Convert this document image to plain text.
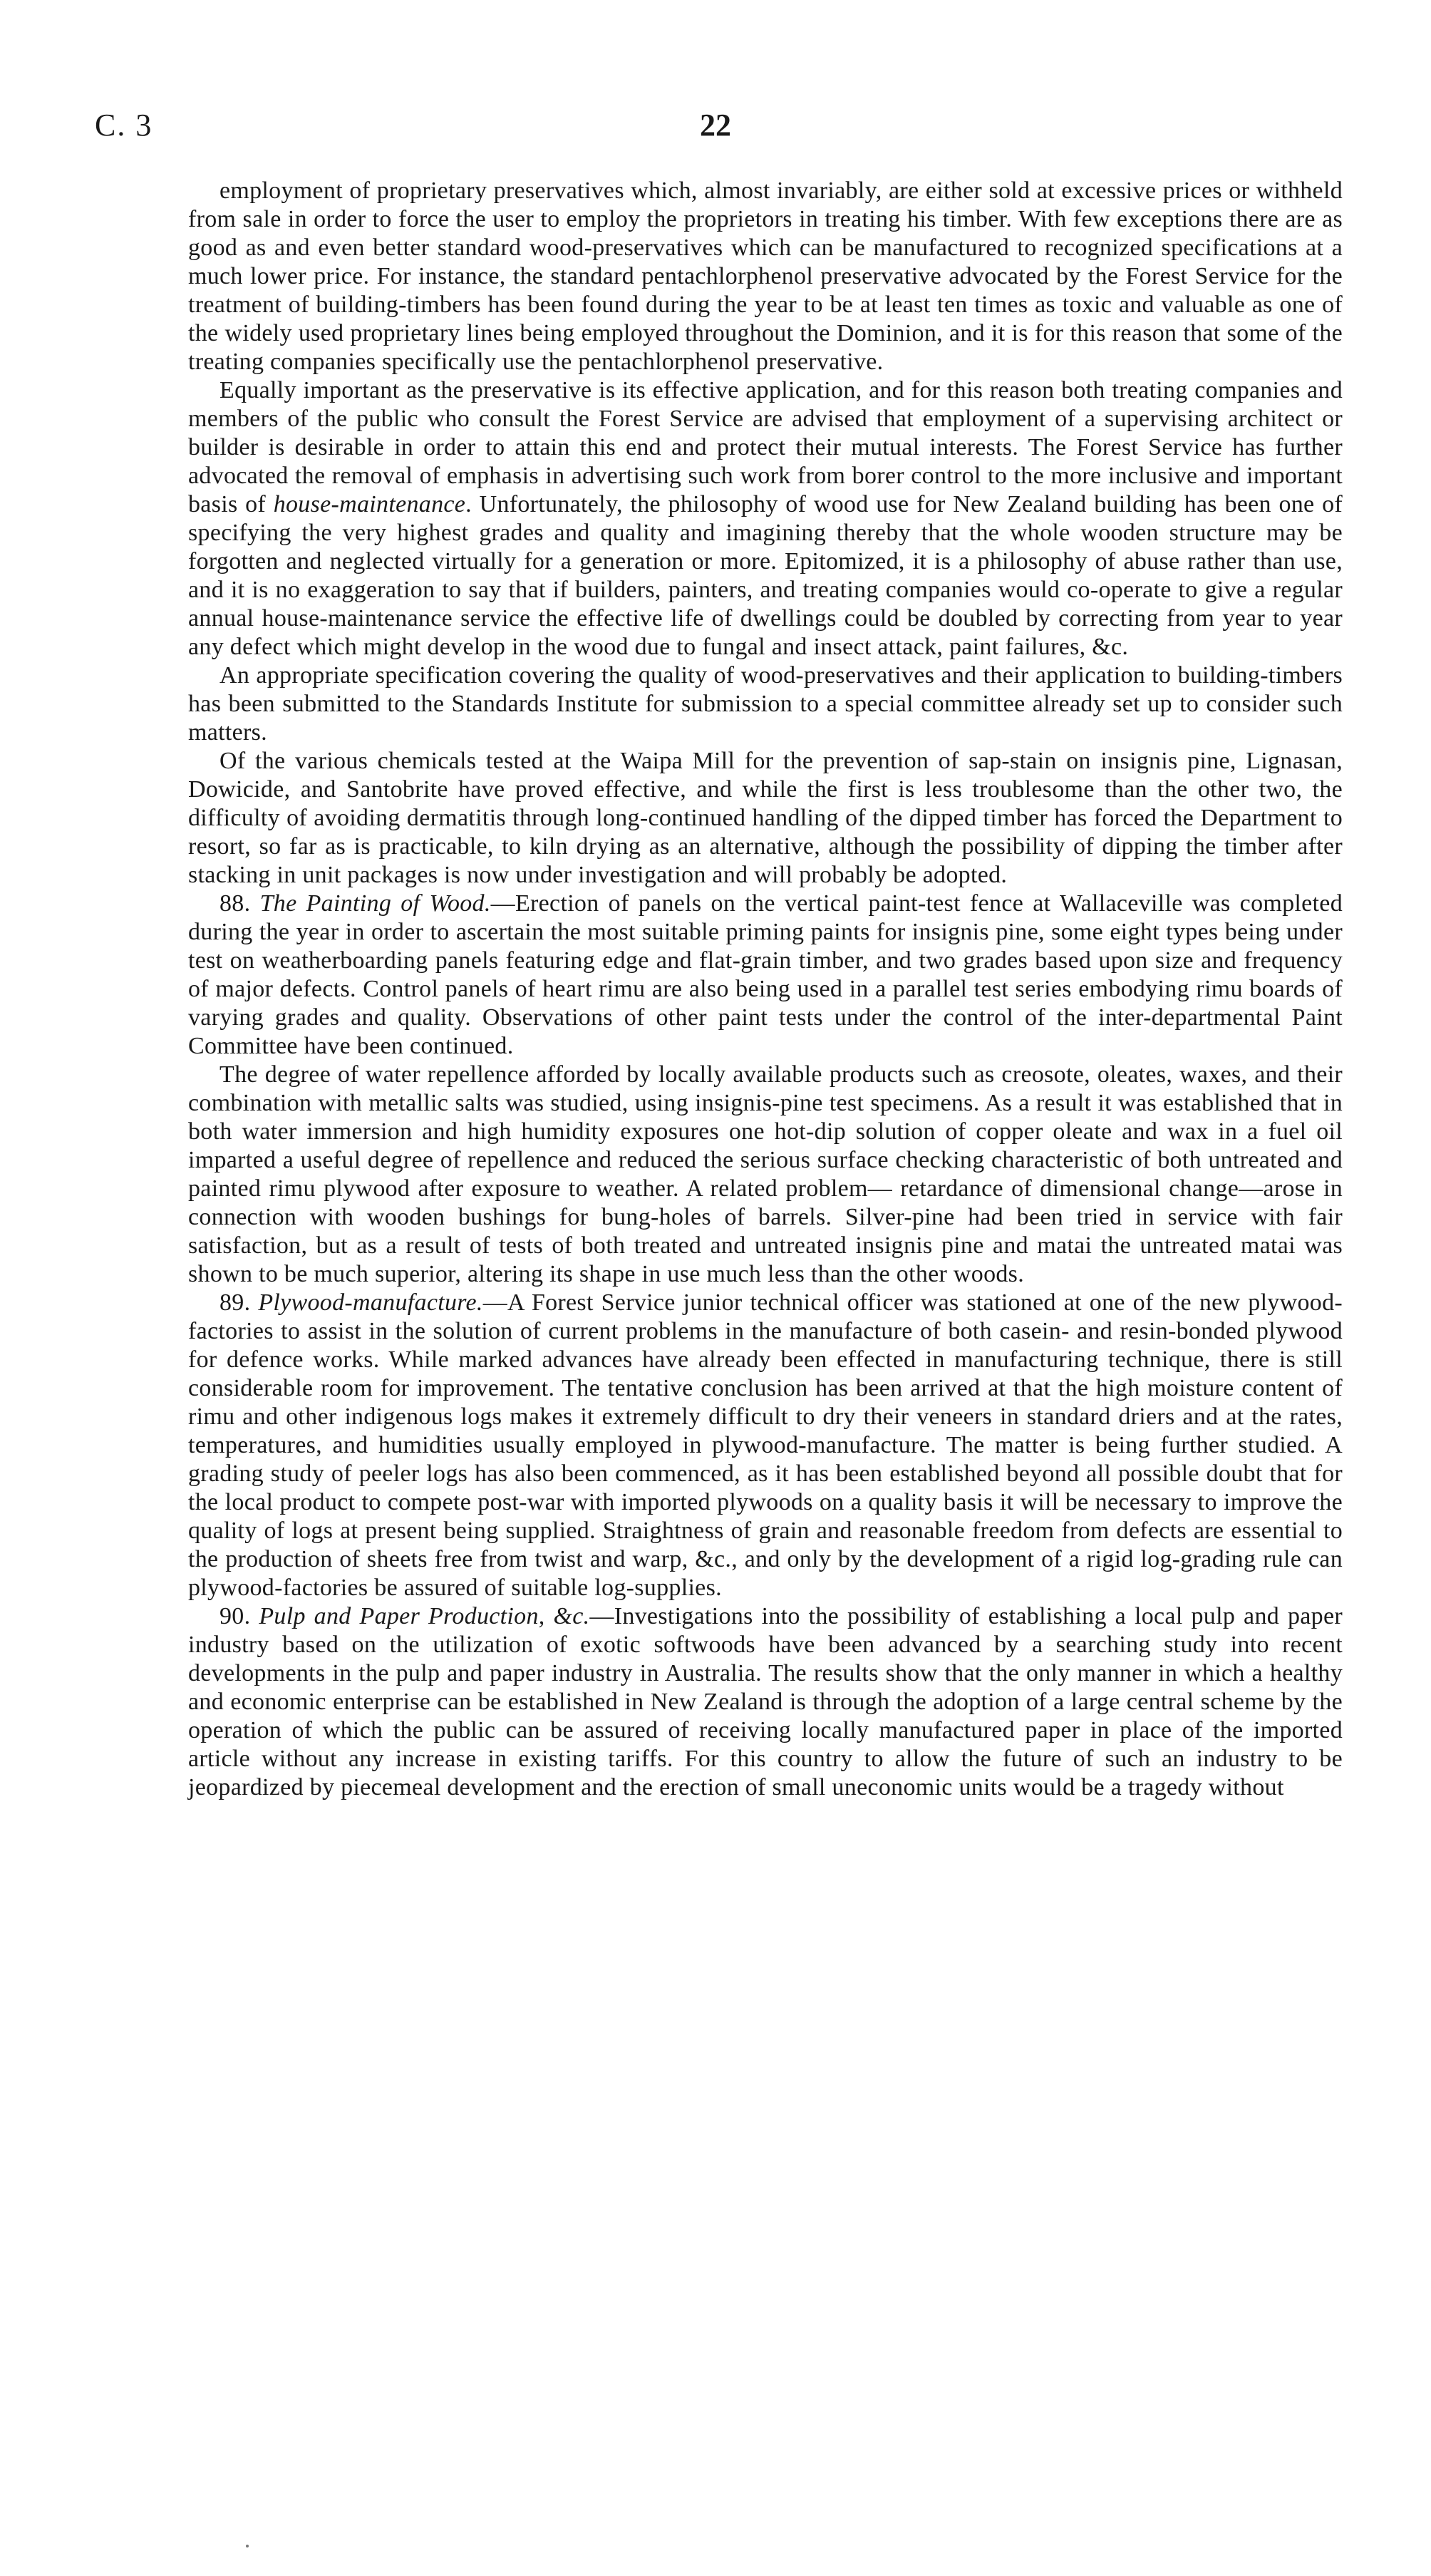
C. 3	22

employment of proprietary preservatives which, almost invariably, are either sold at excessive prices or withheld from sale in order to force the user to employ the proprietors in treating his timber. With few exceptions there are as good as and even better standard wood-preservatives which can be manufactured to recognized specifications at a much lower price. For instance, the standard pentachlorphenol preservative advocated by the Forest Service for the treatment of building-timbers has been found during the year to be at least ten times as toxic and valuable as one of the widely used proprietary lines being employed throughout the Dominion, and it is for this reason that some of the treating companies specifically use the pentachlorphenol preservative.

Equally important as the preservative is its effective application, and for this reason both treating companies and members of the public who consult the Forest Service are advised that employment of a supervising architect or builder is desirable in order to attain this end and protect their mutual interests. The Forest Service has further advocated the removal of emphasis in advertising such work from borer control to the more inclusive and important basis of house-maintenance. Unfortunately, the philosophy of wood use for New Zealand building has been one of specifying the very highest grades and quality and imagining thereby that the whole wooden structure may be forgotten and neglected virtually for a generation or more. Epitomized, it is a philosophy of abuse rather than use, and it is no exaggeration to say that if builders, painters, and treating companies would co-operate to give a regular annual house-maintenance service the effective life of dwellings could be doubled by correcting from year to year any defect which might develop in the wood due to fungal and insect attack, paint failures, &c.

An appropriate specification covering the quality of wood-preservatives and their application to building-timbers has been submitted to the Standards Institute for submission to a special committee already set up to consider such matters.

Of the various chemicals tested at the Waipa Mill for the prevention of sap-stain on insignis pine, Lignasan, Dowicide, and Santobrite have proved effective, and while the first is less troublesome than the other two, the difficulty of avoiding dermatitis through long-continued handling of the dipped timber has forced the Department to resort, so far as is practicable, to kiln drying as an alternative, although the possibility of dipping the timber after stacking in unit packages is now under investigation and will probably be adopted.

88. The Painting of Wood.—Erection of panels on the vertical paint-test fence at Wallaceville was completed during the year in order to ascertain the most suitable priming paints for insignis pine, some eight types being under test on weatherboarding panels featuring edge and flat-grain timber, and two grades based upon size and frequency of major defects. Control panels of heart rimu are also being used in a parallel test series embodying rimu boards of varying grades and quality. Observations of other paint tests under the control of the inter-departmental Paint Committee have been continued.

The degree of water repellence afforded by locally available products such as creosote, oleates, waxes, and their combination with metallic salts was studied, using insignis-pine test specimens. As a result it was established that in both water immersion and high humidity exposures one hot-dip solution of copper oleate and wax in a fuel oil imparted a useful degree of repellence and reduced the serious surface checking characteristic of both untreated and painted rimu plywood after exposure to weather. A related problem— retardance of dimensional change—arose in connection with wooden bushings for bung-holes of barrels. Silver-pine had been tried in service with fair satisfaction, but as a result of tests of both treated and untreated insignis pine and matai the untreated matai was shown to be much superior, altering its shape in use much less than the other woods.

89. Plywood-manufacture.—A Forest Service junior technical officer was stationed at one of the new plywood-factories to assist in the solution of current problems in the manufacture of both casein- and resin-bonded plywood for defence works. While marked advances have already been effected in manufacturing technique, there is still considerable room for improvement. The tentative conclusion has been arrived at that the high moisture content of rimu and other indigenous logs makes it extremely difficult to dry their veneers in standard driers and at the rates, temperatures, and humidities usually employed in plywood-manufacture. The matter is being further studied. A grading study of peeler logs has also been commenced, as it has been established beyond all possible doubt that for the local product to compete post-war with imported plywoods on a quality basis it will be necessary to improve the quality of logs at present being supplied. Straightness of grain and reasonable freedom from defects are essential to the production of sheets free from twist and warp, &c., and only by the development of a rigid log-grading rule can plywood-factories be assured of suitable log-supplies.

90. Pulp and Paper Production, &c.—Investigations into the possibility of establishing a local pulp and paper industry based on the utilization of exotic softwoods have been advanced by a searching study into recent developments in the pulp and paper industry in Australia. The results show that the only manner in which a healthy and economic enterprise can be established in New Zealand is through the adoption of a large central scheme by the operation of which the public can be assured of receiving locally manufactured paper in place of the imported article without any increase in existing tariffs. For this country to allow the future of such an industry to be jeopardized by piecemeal development and the erection of small uneconomic units would be a tragedy without
